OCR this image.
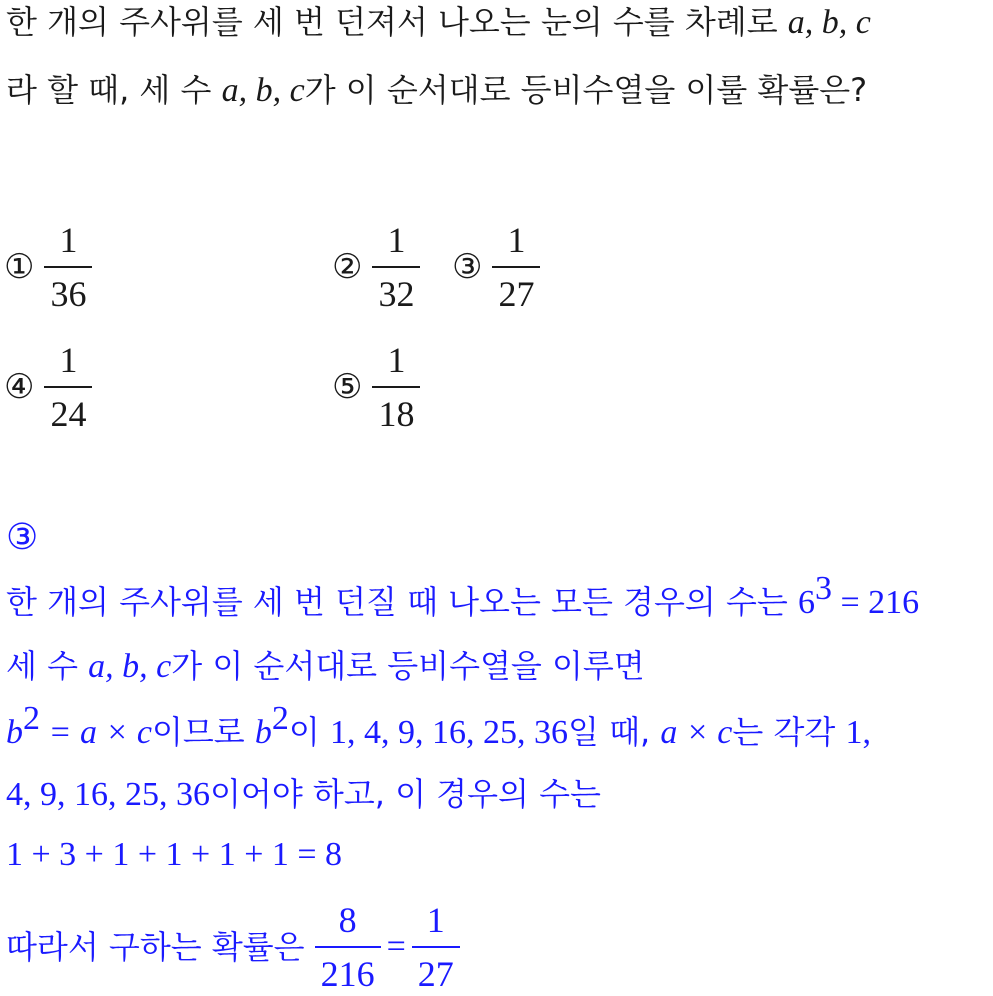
한 개의 주사위를 세 번 던져서 나오는 눈의 수를 차례로 a, b, c
라 할 때, 세 수 a, b, c가 이 순서대로 등비수열을 이룰 확률은?
① $\frac{1}{36}$	② $\frac{1}{32}$ ③ $\frac{1}{27}$
④ $\frac{1}{24}$	⑤ $\frac{1}{18}$
③
한 개의 주사위를 세 번 던질 때 나오는 모든 경우의 수는 $6^3 = 216$
세 수 a, b, c가 이 순서대로 등비수열을 이루면
$b^2 = a \times c$이므로 $b^2$이 1, 4, 9, 16, 25, 36일 때, a × c는 각각 1,
4, 9, 16, 25, 36이어야 하고, 이 경우의 수는
1 + 3 + 1 + 1 + 1 + 1 = 8
따라서 구하는 확률은 $\frac{8}{216} = \frac{1}{27}$
